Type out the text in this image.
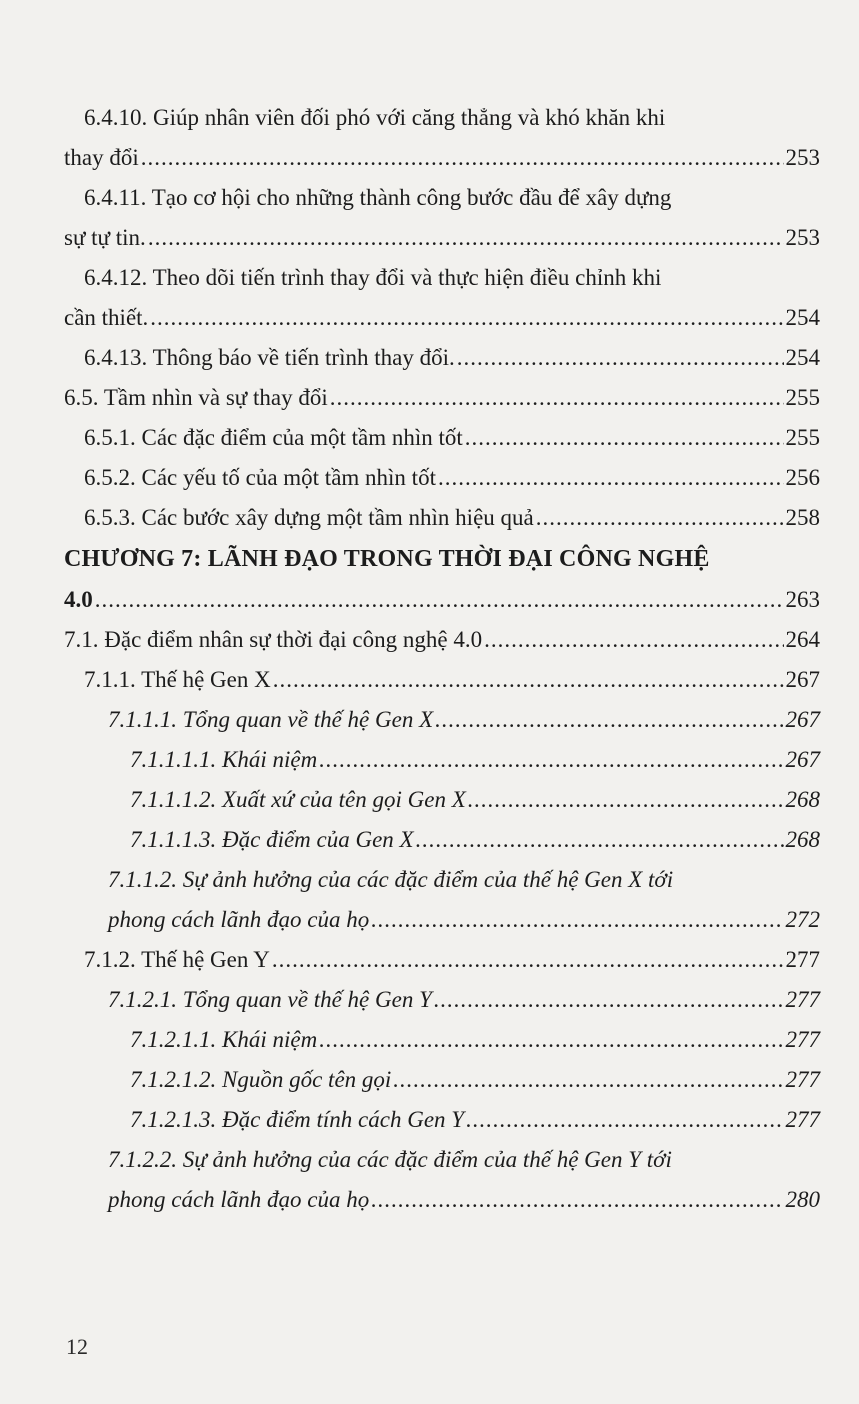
6.4.10. Giúp nhân viên đối phó với căng thẳng và khó khăn khi
thay đổi .....	253
6.4.11. Tạo cơ hội cho những thành công bước đầu để xây dựng
sự tự tin. .....	253
6.4.12. Theo dõi tiến trình thay đổi và thực hiện điều chỉnh khi
cần thiết. .....	254
6.4.13. Thông báo về tiến trình thay đổi. .....	254
6.5. Tầm nhìn và sự thay đổi .....	255
6.5.1. Các đặc điểm của một tầm nhìn tốt .....	255
6.5.2. Các yếu tố của một tầm nhìn tốt .....	256
6.5.3. Các bước xây dựng một tầm nhìn hiệu quả .....	258
CHƯƠNG 7: LÃNH ĐẠO TRONG THỜI ĐẠI CÔNG NGHỆ
4.0 .....	263
7.1. Đặc điểm nhân sự thời đại công nghệ 4.0 .....	264
7.1.1. Thế hệ Gen X .....	267
7.1.1.1. Tổng quan về thế hệ Gen X .....	267
7.1.1.1.1. Khái niệm .....	267
7.1.1.1.2. Xuất xứ của tên gọi Gen X .....	268
7.1.1.1.3. Đặc điểm của Gen X .....	268
7.1.1.2. Sự ảnh hưởng của các đặc điểm của thế hệ Gen X tới
phong cách lãnh đạo của họ .....	272
7.1.2. Thế hệ Gen Y .....	277
7.1.2.1. Tổng quan về thế hệ Gen Y .....	277
7.1.2.1.1. Khái niệm .....	277
7.1.2.1.2. Nguồn gốc tên gọi .....	277
7.1.2.1.3. Đặc điểm tính cách Gen Y .....	277
7.1.2.2. Sự ảnh hưởng của các đặc điểm của thế hệ Gen Y tới
phong cách lãnh đạo của họ .....	280
12
